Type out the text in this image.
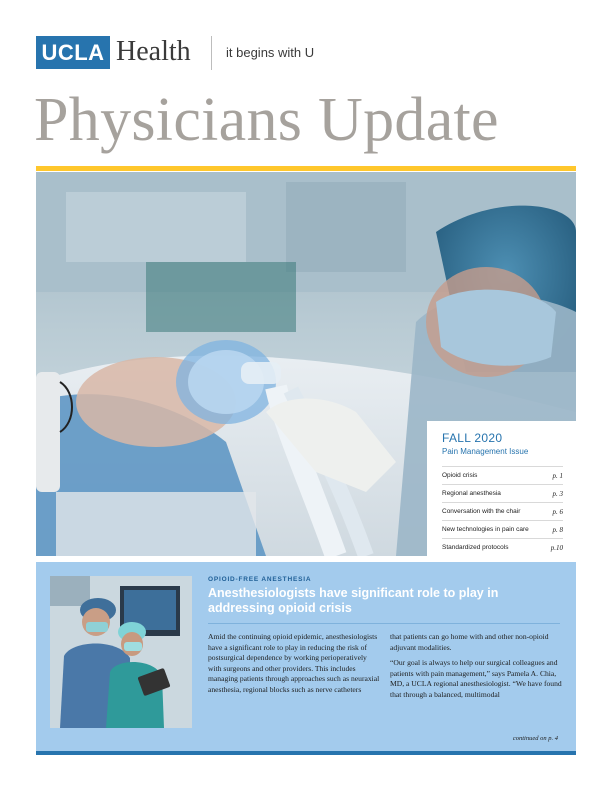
UCLA Health	it begins with U
Physicians Update
FALL 2020
Pain Management Issue
Opioid crisis	p. 1
Regional anesthesia	p. 3
Conversation with the chair	p. 6
New technologies in pain care	p. 8
Standardized protocols	p.10
OPIOID-FREE ANESTHESIA
Anesthesiologists have significant role to play in addressing opioid crisis

Amid the continuing opioid epidemic, anesthesiologists have a significant role to play in reducing the risk of postsurgical dependence by working perioperatively with surgeons and other providers. This includes managing patients through approaches such as neuraxial anesthesia, regional blocks such as nerve catheters

that patients can go home with and other non-opioid adjuvant modalities.

“Our goal is always to help our surgical colleagues and patients with pain management,” says Pamela A. Chia, MD, a UCLA regional anesthesiologist. “We have found that through a balanced, multimodal

continued on p. 4
